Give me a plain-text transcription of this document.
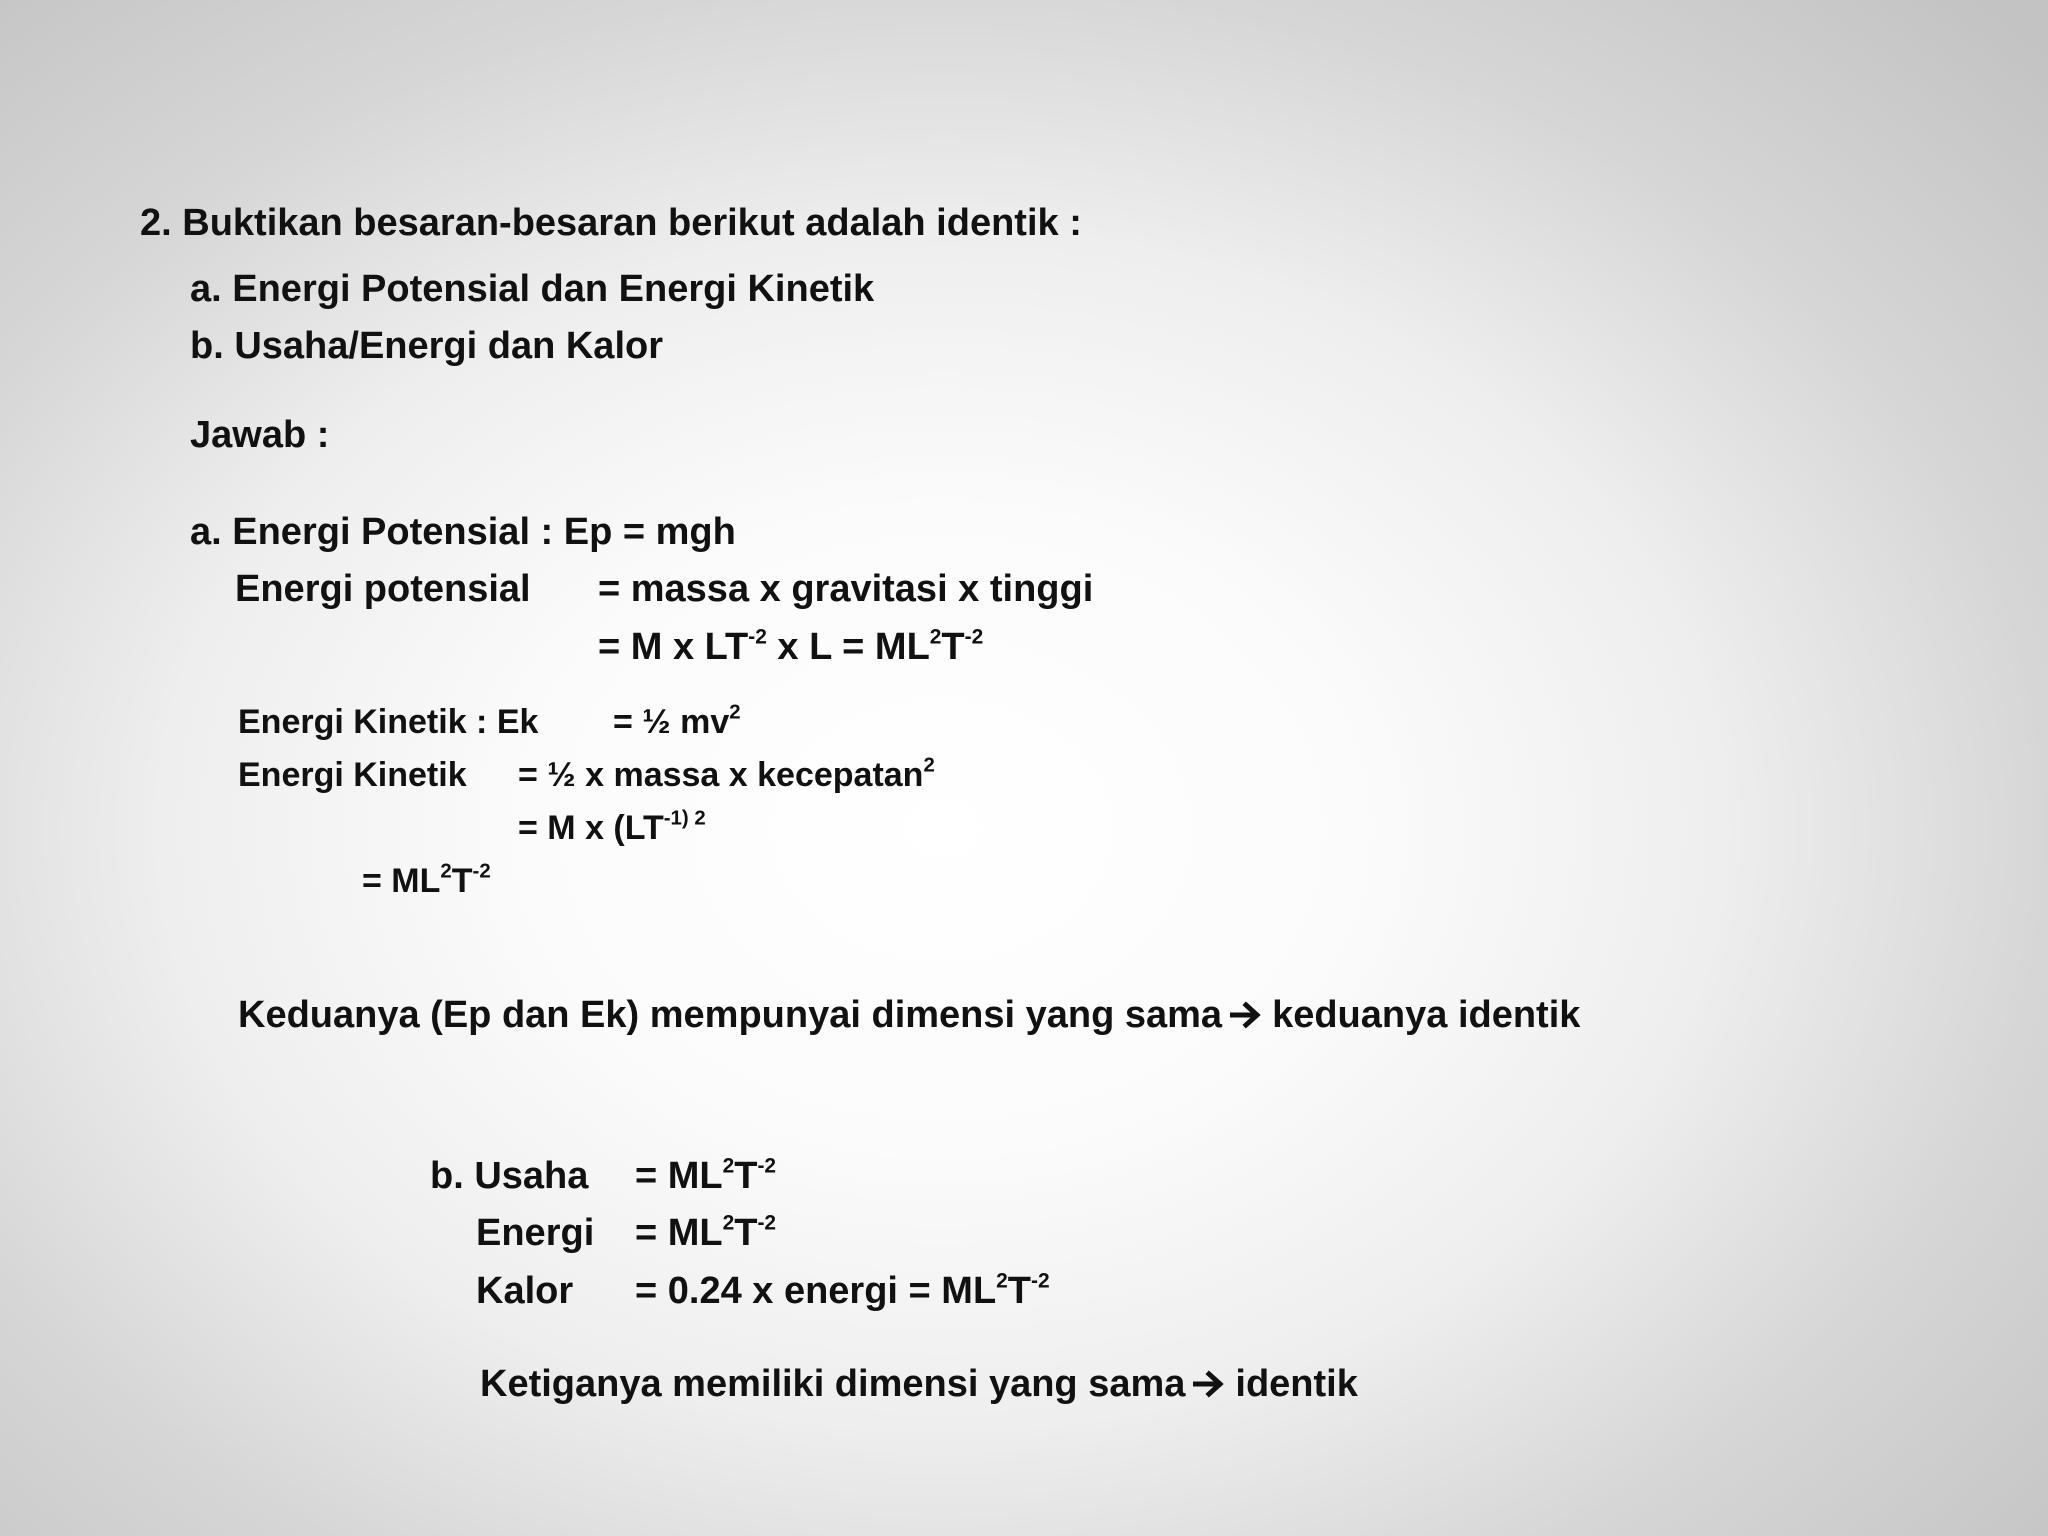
2. Buktikan besaran-besaran berikut adalah identik :
a. Energi Potensial dan Energi Kinetik
b. Usaha/Energi dan Kalor
Jawab :
a. Energi Potensial : Ep = mgh
Energi potensial = massa x gravitasi x tinggi
= M x $LT^{-2}$ x $L = ML^2T^{-2}$
Energi Kinetik : Ek = ½ $mv^2$
Energi Kinetik = ½ x massa x kecepatan$^2$
= M x ($LT^{-1) 2}$
= $ML^2T^{-2}$
Keduanya (Ep dan Ek) mempunyai dimensi yang sama keduanya identik
b. Usaha = $ML^2T^{-2}$
Energi = $ML^2T^{-2}$
Kalor = 0.24 x energi = $ML^2T^{-2}$
Ketiganya memiliki dimensi yang sama identik
